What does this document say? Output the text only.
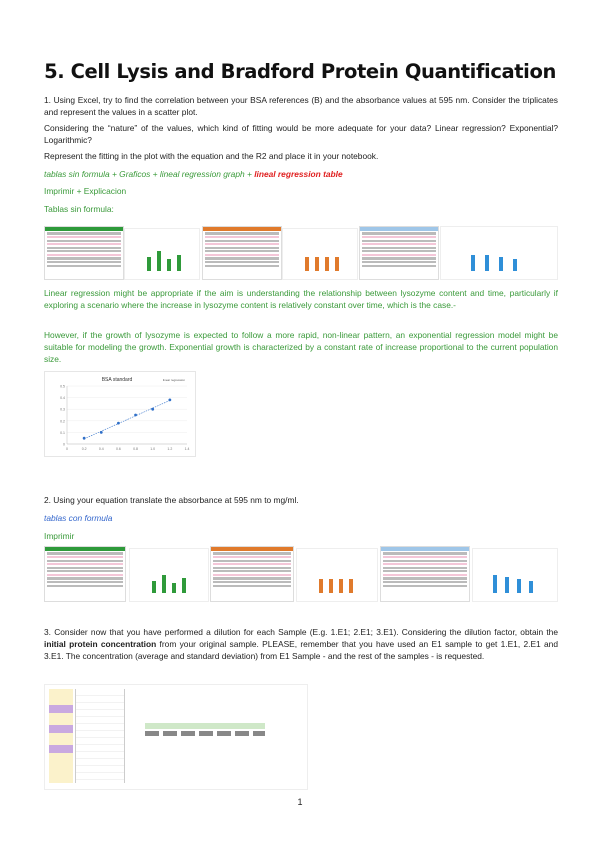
5. Cell Lysis and Bradford Protein Quantification
1. Using Excel, try to find the correlation between your BSA references (B) and the absorbance values at 595 nm. Consider the triplicates and represent the values in a scatter plot.
Considering the “nature” of the values, which kind of fitting would be more adequate for your data? Linear regression? Exponential? Logarithmic?
Represent the fitting in the plot with the equation and the R2 and place it in your notebook.
tablas sin formula + Graficos + lineal regression graph + lineal regression table
Imprimir + Explicacion
Tablas sin formula:
Linear regression might be appropriate if the aim is understanding the relationship between lysozyme content and time, particularly if exploring a scenario where the increase in lysozyme content is relatively constant over time, which is the case.-
However, if the growth of lysozyme is expected to follow a more rapid, non-linear pattern, an exponential regression model might be suitable for modeling the growth. Exponential growth is characterized by a constant rate of increase proportional to the current population size.
0
0.1
0.2
0.3
0.4
0.5
0	0.2	0.4	0.6	0.8	1.0	1.2	1.4
BSA standard	linear regression
2. Using your equation translate the absorbance at 595 nm to mg/ml.
tablas con formula
Imprimir
3. Consider now that you have performed a dilution for each Sample (E.g. 1.E1; 2.E1; 3.E1). Considering the dilution factor, obtain the initial protein concentration from your original sample. PLEASE, remember that you have used an E1 sample to get 1.E1, 2.E1 and 3.E1. The concentration (average and standard deviation) from E1 Sample - and the rest of the samples - is requested.
1
